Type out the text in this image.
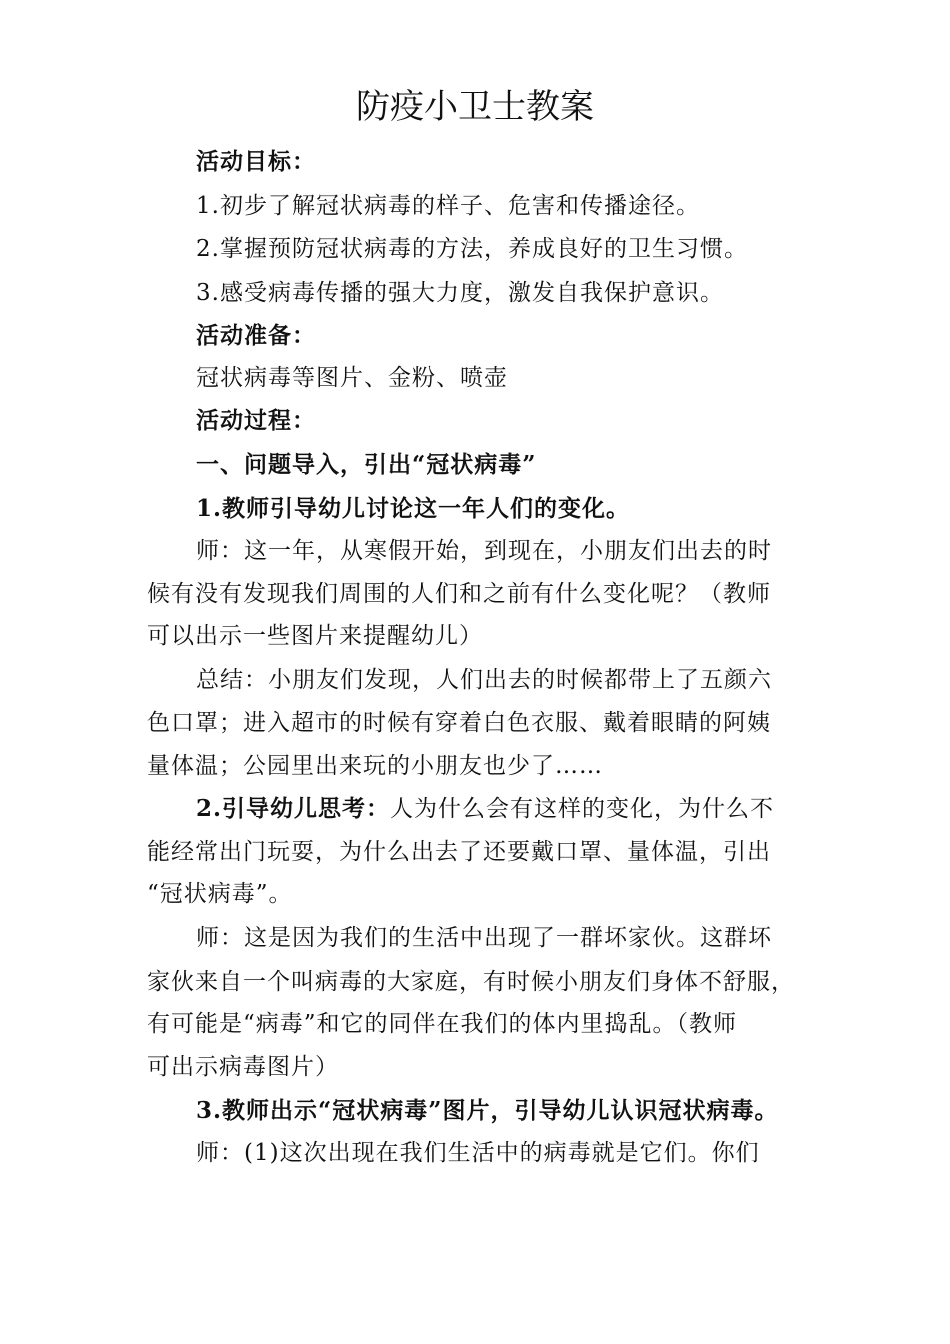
防疫小卫士教案
活动目标：
1.初步了解冠状病毒的样子、危害和传播途径。
2.掌握预防冠状病毒的方法，养成良好的卫生习惯。
3.感受病毒传播的强大力度，激发自我保护意识。
活动准备：
冠状病毒等图片、金粉、喷壶
活动过程：
一、问题导入，引出“冠状病毒”
1.教师引导幼儿讨论这一年人们的变化。
师：这一年，从寒假开始，到现在，小朋友们出去的时
候有没有发现我们周围的人们和之前有什么变化呢？（教师
可以出示一些图片来提醒幼儿）
总结：小朋友们发现，人们出去的时候都带上了五颜六
色口罩；进入超市的时候有穿着白色衣服、戴着眼睛的阿姨
量体温；公园里出来玩的小朋友也少了……
2.引导幼儿思考：人为什么会有这样的变化，为什么不
能经常出门玩耍，为什么出去了还要戴口罩、量体温，引出
“冠状病毒”。
师：这是因为我们的生活中出现了一群坏家伙。这群坏
家伙来自一个叫病毒的大家庭，有时候小朋友们身体不舒服，
有可能是“病毒”和它的同伴在我们的体内里捣乱。（教师
可出示病毒图片）
3.教师出示“冠状病毒”图片，引导幼儿认识冠状病毒。
师：(1)这次出现在我们生活中的病毒就是它们。你们
